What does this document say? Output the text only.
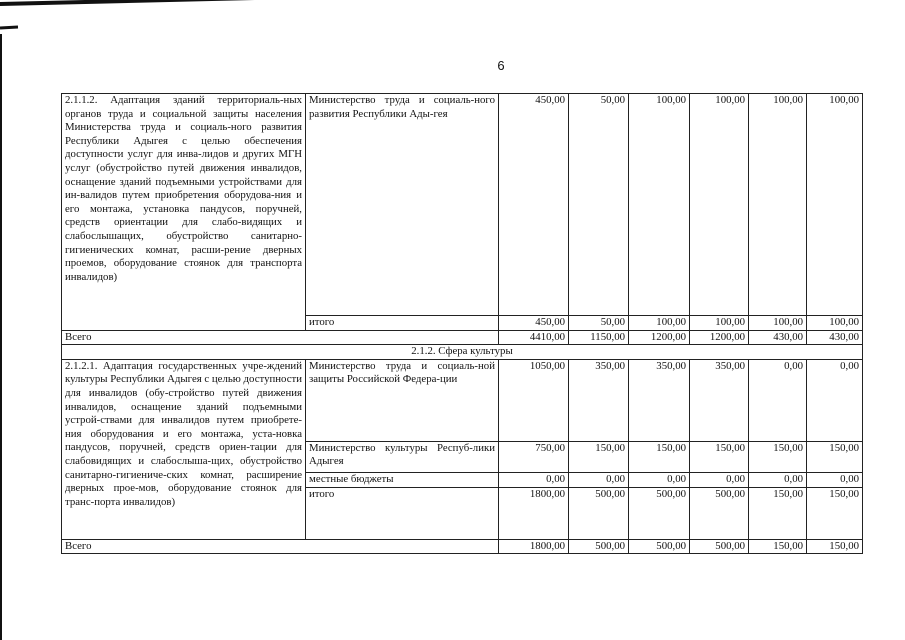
6
2.1.1.2. Адаптация зданий территориаль-ных органов труда и социальной защиты населения Министерства труда и социаль-ного развития Республики Адыгея с целью обеспечения доступности услуг для инва-лидов и других МГН услуг (обустройство путей движения инвалидов, оснащение зданий подъемными устройствами для ин-валидов путем приобретения оборудова-ния и его монтажа, установка пандусов, поручней, средств ориентации для слабо-видящих и слабослышащих, обустройство санитарно-гигиенических комнат, расши-рение дверных проемов, оборудование стоянок для транспорта инвалидов)	Министерство труда и социаль-ного развития Республики Ады-гея	450,00	50,00	100,00	100,00	100,00	100,00
	итого	450,00	50,00	100,00	100,00	100,00	100,00
Всего		4410,00	1150,00	1200,00	1200,00	430,00	430,00
2.1.2. Сфера культуры							
2.1.2.1. Адаптация государственных учре-ждений культуры Республики Адыгея с целью доступности для инвалидов (обу-стройство путей движения инвалидов, оснащение зданий подъемными устрой-ствами для инвалидов путем приобрете-ния оборудования и его монтажа, уста-новка пандусов, поручней, средств ориен-тации для слабовидящих и слабослыша-щих, обустройство санитарно-гигиениче-ских комнат, расширение дверных прое-мов, оборудование стоянок для транс-порта инвалидов)	Министерство труда и социаль-ной защиты Российской Федера-ции	1050,00	350,00	350,00	350,00	0,00	0,00
	Министерство культуры Респуб-лики Адыгея	750,00	150,00	150,00	150,00	150,00	150,00
	местные бюджеты	0,00	0,00	0,00	0,00	0,00	0,00
	итого	1800,00	500,00	500,00	500,00	150,00	150,00
Всего		1800,00	500,00	500,00	500,00	150,00	150,00
